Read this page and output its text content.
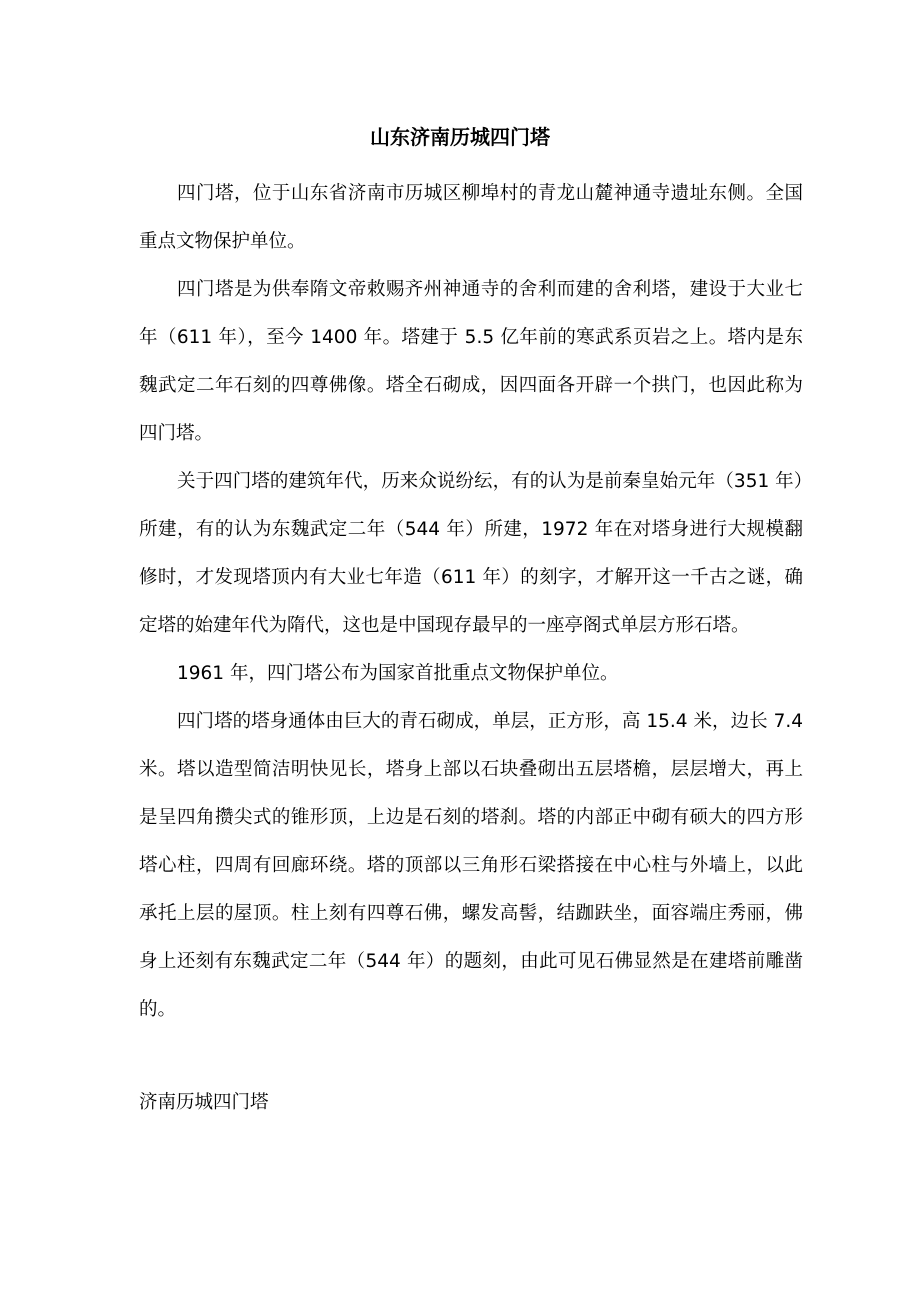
山东济南历城四门塔

四门塔，位于山东省济南市历城区柳埠村的青龙山麓神通寺遗址东侧。全国重点文物保护单位。

四门塔是为供奉隋文帝敕赐齐州神通寺的舍利而建的舍利塔，建设于大业七年（611 年），至今 1400 年。塔建于 5.5 亿年前的寒武系页岩之上。塔内是东魏武定二年石刻的四尊佛像。塔全石砌成，因四面各开辟一个拱门，也因此称为四门塔。

关于四门塔的建筑年代，历来众说纷纭，有的认为是前秦皇始元年（351 年）所建，有的认为东魏武定二年（544 年）所建，1972 年在对塔身进行大规模翻修时，才发现塔顶内有大业七年造（611 年）的刻字，才解开这一千古之谜，确定塔的始建年代为隋代，这也是中国现存最早的一座亭阁式单层方形石塔。

1961 年，四门塔公布为国家首批重点文物保护单位。

四门塔的塔身通体由巨大的青石砌成，单层，正方形，高 15.4 米，边长 7.4 米。塔以造型简洁明快见长，塔身上部以石块叠砌出五层塔檐，层层增大，再上是呈四角攒尖式的锥形顶，上边是石刻的塔刹。塔的内部正中砌有硕大的四方形塔心柱，四周有回廊环绕。塔的顶部以三角形石梁搭接在中心柱与外墙上，以此承托上层的屋顶。柱上刻有四尊石佛，螺发高髻，结跏趺坐，面容端庄秀丽，佛身上还刻有东魏武定二年（544 年）的题刻，由此可见石佛显然是在建塔前雕凿的。

济南历城四门塔
